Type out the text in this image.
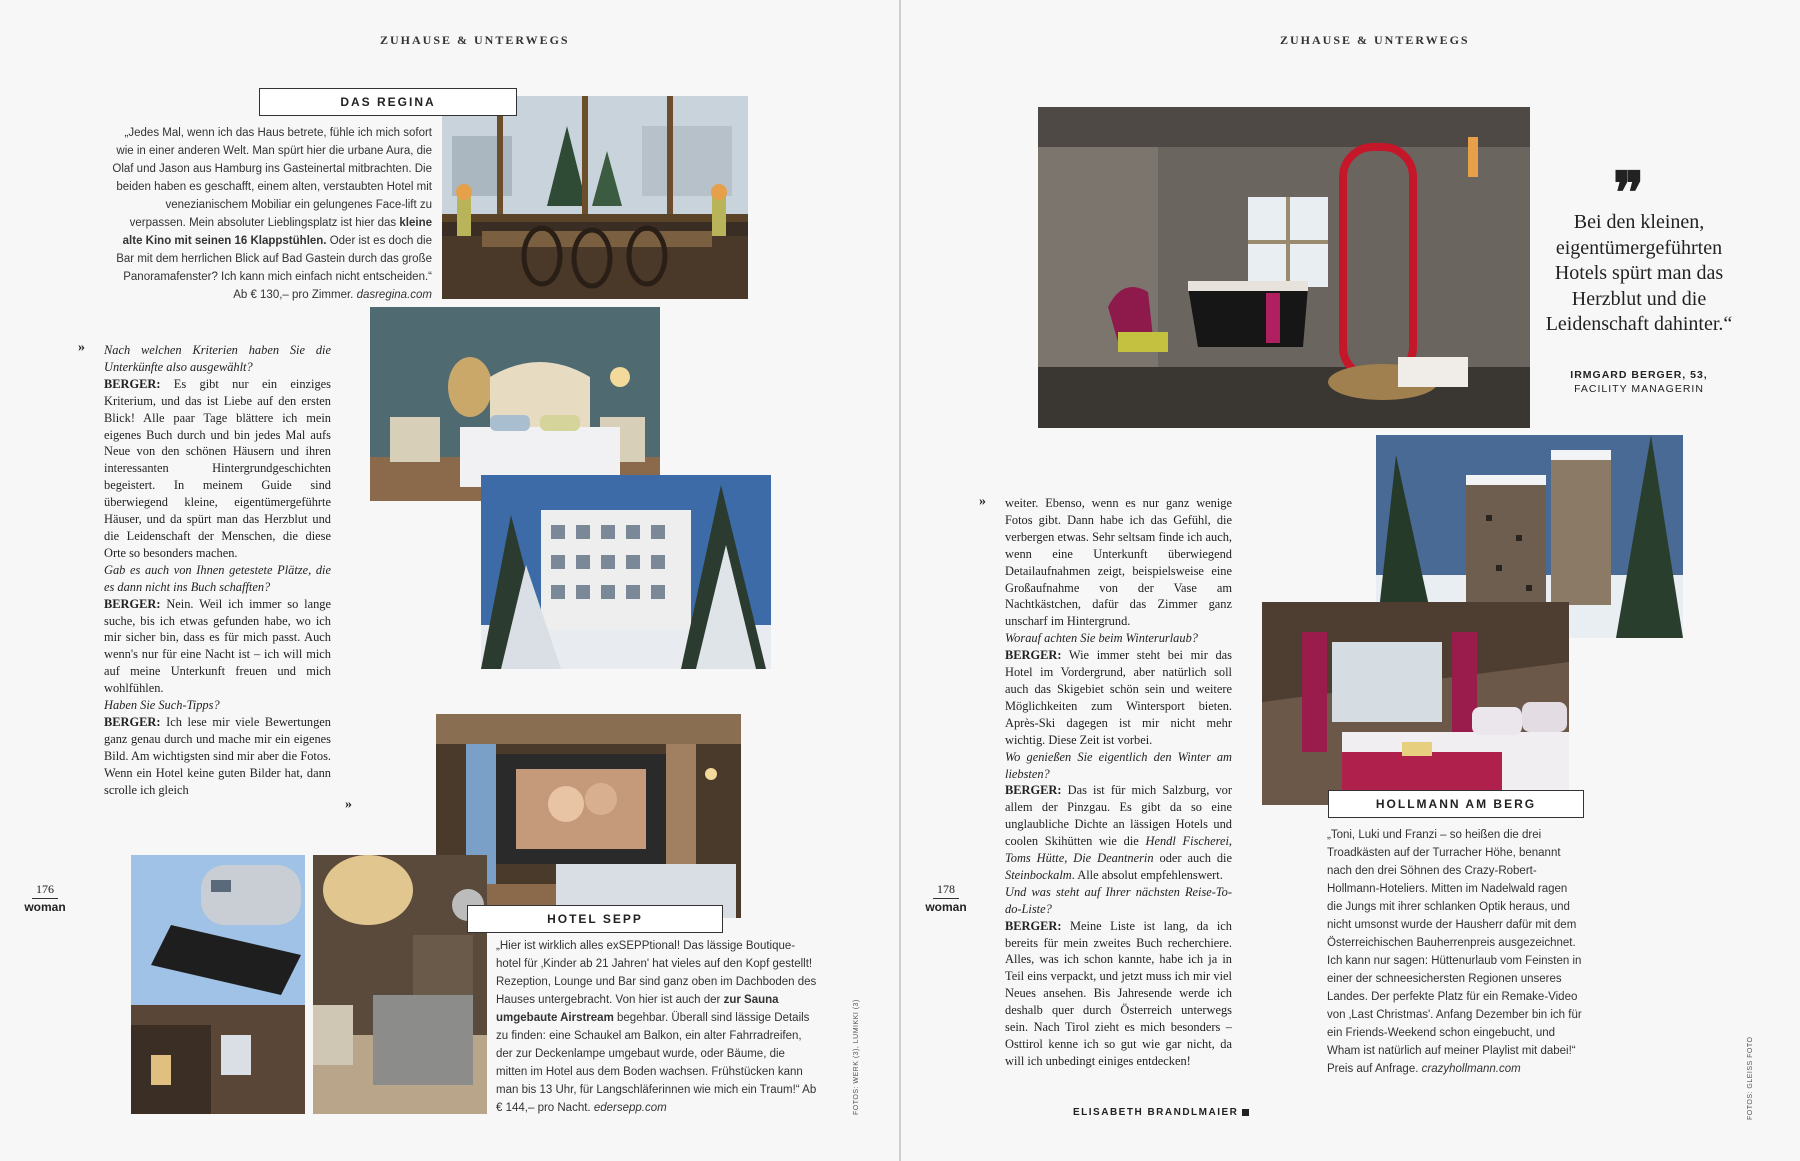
ZUHAUSE & UNTERWEGS
DAS REGINA
„Jedes Mal, wenn ich das Haus betrete, fühle ich mich sofort wie in einer anderen Welt. Man spürt hier die urbane Aura, die Olaf und Jason aus Hamburg ins Gasteinertal mitbrachten. Die beiden haben es geschafft, einem alten, verstaubten Hotel mit venezianischem Mobiliar ein gelungenes Face-lift zu verpassen. Mein absoluter Lieblingsplatz ist hier das kleine alte Kino mit seinen 16 Klappstühlen. Oder ist es doch die Bar mit dem herrlichen Blick auf Bad Gastein durch das große Panoramafenster? Ich kann mich einfach nicht entscheiden.“ Ab € 130,– pro Zimmer. dasregina.com
» Nach welchen Kriterien haben Sie die Unterkünfte also ausgewählt?

BERGER: Es gibt nur ein einziges Kriterium, und das ist Liebe auf den ersten Blick! Alle paar Tage blättere ich mein eigenes Buch durch und bin jedes Mal aufs Neue von den schönen Häusern und ihren interessanten Hintergrundgeschichten begeistert. In meinem Guide sind überwiegend kleine, eigentümergeführte Häuser, und da spürt man das Herzblut und die Leidenschaft der Menschen, die diese Orte so besonders machen.

Gab es auch von Ihnen getestete Plätze, die es dann nicht ins Buch schafften?

BERGER: Nein. Weil ich immer so lange suche, bis ich etwas gefunden habe, wo ich mir sicher bin, dass es für mich passt. Auch wenn's nur für eine Nacht ist – ich will mich auf meine Unterkunft freuen und mich wohlfühlen.

Haben Sie Such-Tipps?

BERGER: Ich lese mir viele Bewertungen ganz genau durch und mache mir ein eigenes Bild. Am wichtigsten sind mir aber die Fotos. Wenn ein Hotel keine guten Bilder hat, dann scrolle ich gleich

»
HOTEL SEPP
„Hier ist wirklich alles exSEPPtional! Das lässige Boutique-hotel für ‚Kinder ab 21 Jahren' hat vieles auf den Kopf gestellt! Rezeption, Lounge und Bar sind ganz oben im Dachboden des Hauses untergebracht. Von hier ist auch der zur Sauna umgebaute Airstream begehbar. Überall sind lässige Details zu finden: eine Schaukel am Balkon, ein alter Fahrradreifen, der zur Deckenlampe umgebaut wurde, oder Bäume, die mitten im Hotel aus dem Boden wachsen. Frühstücken kann man bis 13 Uhr, für Langschläferinnen wie mich ein Traum!“ Ab € 144,– pro Nacht. edersepp.com	FOTOS: WERK (3), LUMIKKI (3)
176
woman
ZUHAUSE & UNTERWEGS
❞
Bei den kleinen, eigentümergeführten Hotels spürt man das Herzblut und die Leidenschaft dahinter.“
IRMGARD BERGER, 53,
FACILITY MANAGERIN
HOLLMANN AM BERG
„Toni, Luki und Franzi – so heißen die drei Troadkästen auf der Turracher Höhe, benannt nach den drei Söhnen des Crazy-Robert-Hollmann-Hoteliers. Mitten im Nadelwald ragen die Jungs mit ihrer schlanken Optik heraus, und nicht umsonst wurde der Hausherr dafür mit dem Österreichischen Bauherrenpreis ausgezeichnet. Ich kann nur sagen: Hüttenurlaub vom Feinsten in einer der schneesichersten Regionen unseres Landes. Der perfekte Platz für ein Remake-Video von ‚Last Christmas'. Anfang Dezember bin ich für ein Friends-Weekend schon eingebucht, und Wham ist natürlich auf meiner Playlist mit dabei!“ Preis auf Anfrage. crazyhollmann.com
» weiter. Ebenso, wenn es nur ganz wenige Fotos gibt. Dann habe ich das Gefühl, die verbergen etwas. Sehr seltsam finde ich auch, wenn eine Unterkunft überwiegend Detailaufnahmen zeigt, beispielsweise eine Großaufnahme von der Vase am Nachtkästchen, dafür das Zimmer ganz unscharf im Hintergrund.

Worauf achten Sie beim Winterurlaub?

BERGER: Wie immer steht bei mir das Hotel im Vordergrund, aber natürlich soll auch das Skigebiet schön sein und weitere Möglichkeiten zum Wintersport bieten. Après-Ski dagegen ist mir nicht mehr wichtig. Diese Zeit ist vorbei.

Wo genießen Sie eigentlich den Winter am liebsten?

BERGER: Das ist für mich Salzburg, vor allem der Pinzgau. Es gibt da so eine unglaubliche Dichte an lässigen Hotels und coolen Skihütten wie die Hendl Fischerei, Toms Hütte, Die Deantnerin oder auch die Steinbockalm. Alle absolut empfehlenswert.

Und was steht auf Ihrer nächsten Reise-To-do-Liste?

BERGER: Meine Liste ist lang, da ich bereits für mein zweites Buch recherchiere. Alles, was ich schon kannte, habe ich ja in Teil eins verpackt, und jetzt muss ich mir viel Neues ansehen. Bis Jahresende werde ich deshalb quer durch Österreich unterwegs sein. Nach Tirol zieht es mich besonders – Osttirol kenne ich so gut wie gar nicht, da will ich unbedingt einiges entdecken!

ELISABETH BRANDLMAIER	FOTOS: GLEISS FOTO
178
woman
